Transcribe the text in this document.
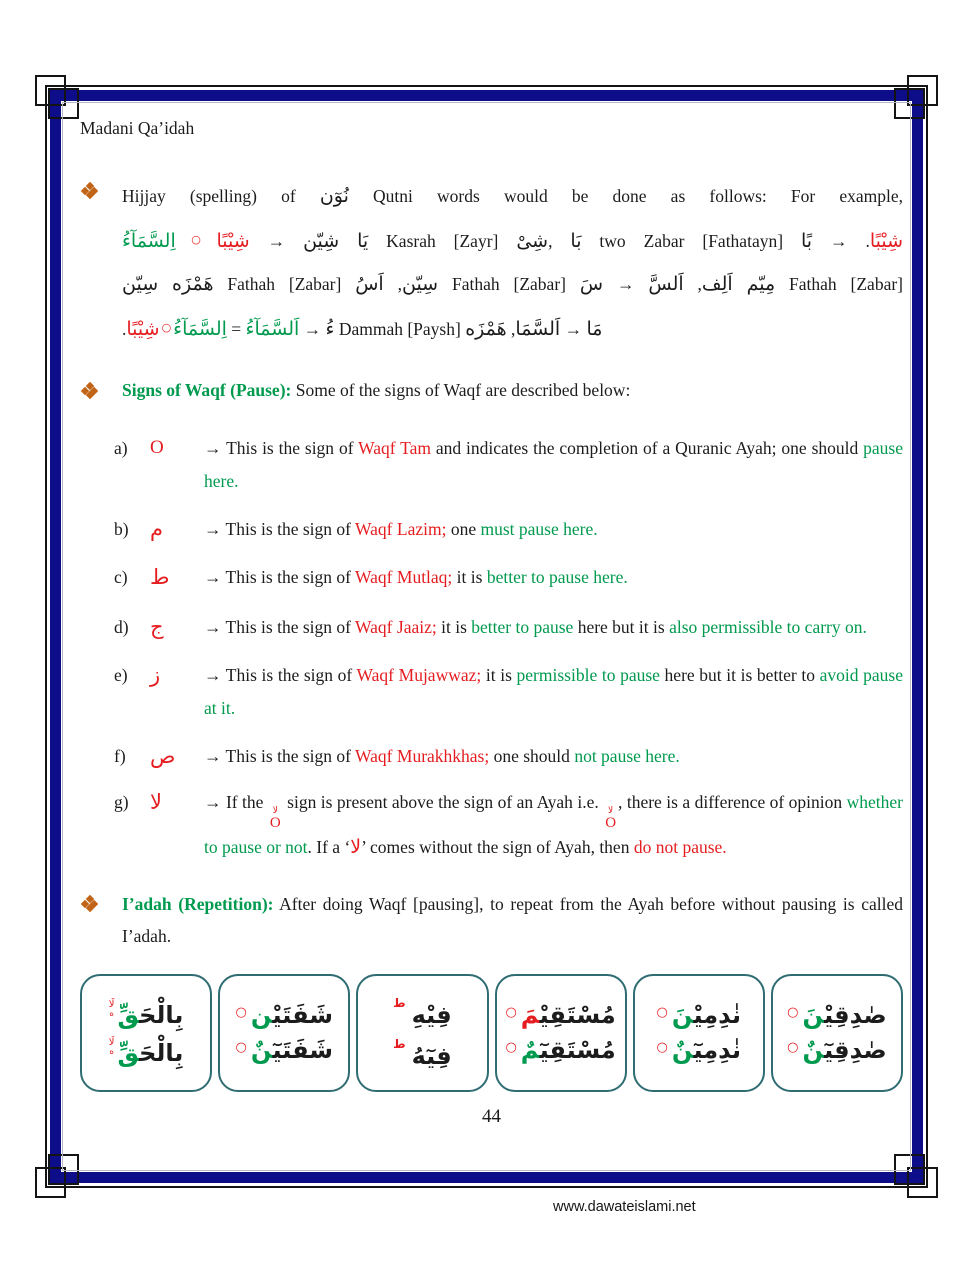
Madani Qa’idah
Hijjay (spelling) of نُوٓن Qutni words would be done as follows: For example,
اِلسَّمَآءُ ○ شِيْبًا → شِيّن يَا Kasrah [Zayr] شِىْ, بَا two Zabar [Fathatayn] بًا → .شِيْبًا
سِيّن هَمْزَه Fathah [Zabar] اَسُ ,سِيّن Fathah [Zabar] سَ → اَلسَّ ,اَلِف مِيّم Fathah [Zabar]
.شِيْبًا ○ اِلسَّمَآءُ = اَلسَّمَآءُ → ءُ Dammah [Paysh] هَمْزَه ,اَلسَّمَا → مَا
Signs of Waqf (Pause): Some of the signs of Waqf are described below:
a)	O	→ This is the sign of Waqf Tam and indicates the completion of a Quranic Ayah; one should pause here.
b)	م	→ This is the sign of Waqf Lazim; one must pause here.
c)	ط	→ This is the sign of Waqf Mutlaq; it is better to pause here.
d)	ج	→ This is the sign of Waqf Jaaiz; it is better to pause here but it is also permissible to carry on.
e)	ز	→ This is the sign of Waqf Mujawwaz; it is permissible to pause here but it is better to avoid pause at it.
f)	ص	→ This is the sign of Waqf Murakhkhas; one should not pause here.
g)	لا	→ If the لا
O
sign is present above the sign of an Ayah i.e. لا
O
, there is a difference of opinion whether to pause or not. If a ‘لا’ comes without the sign of Ayah, then do not pause.
I’adah (Repetition): After doing Waqf [pausing], to repeat from the Ayah before without pausing is called I’adah.
لَا
ه بِالْحَقِّ
لَا
ه بِالْحَقِّ
○ شَفَتَيْن
○ شَفَتَيٓنٌ
$^ط$ فِيْهِ
$^ط$ فِيٓهُ
○ مُسْتَقِيْمَ
○ مُسْتَقِيٓمٌ
○ نٰدِمِيْنَ
○ نٰدِمِيٓنٌ
○ صٰدِقِيْنَ
○ صٰدِقِيٓنٌ
44
www.dawateislami.net
